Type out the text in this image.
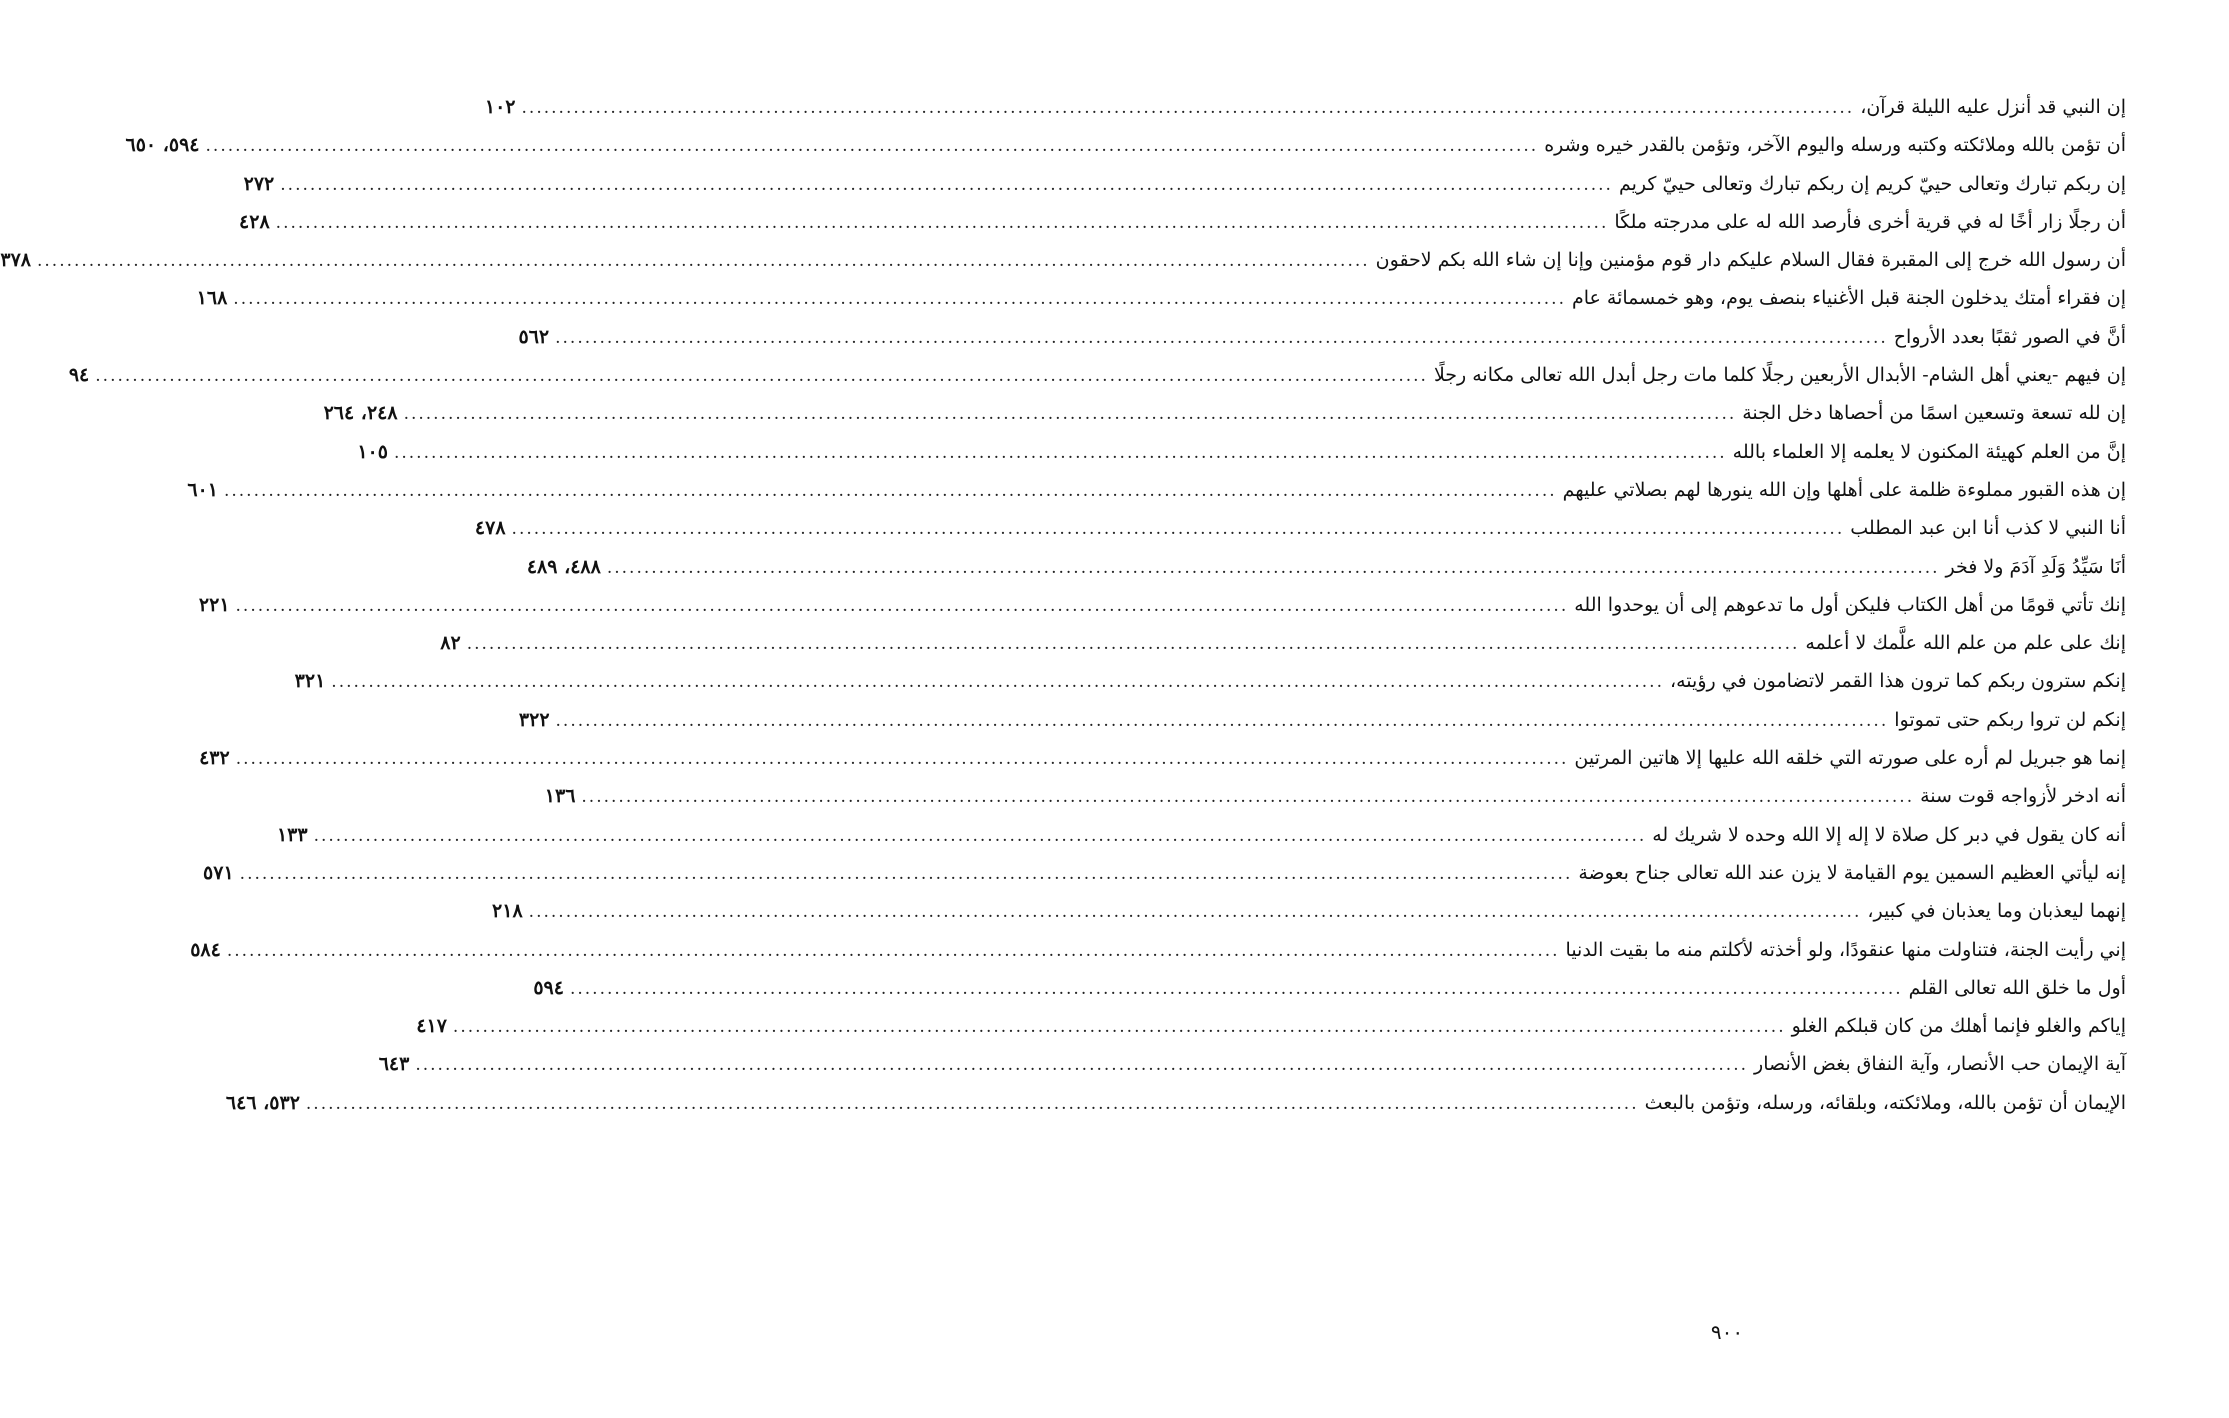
إن النبي قد أنزل عليه الليلة قرآن،
.....
١٠٢
أن تؤمن بالله وملائكته وكتبه ورسله واليوم الآخر، وتؤمن بالقدر خيره وشره
.....
٥٩٤، ٦٥٠
إن ربكم تبارك وتعالى حييّ كريم إن ربكم تبارك وتعالى حييّ كريم
.....
٢٧٢
أن رجلًا زار أخًا له في قرية أخرى فأرصد الله له على مدرجته ملكًا
.....
٤٢٨
أن رسول الله خرج إلى المقبرة فقال السلام عليكم دار قوم مؤمنين وإنا إن شاء الله بكم لاحقون
.....
٣٧٨
إن فقراء أمتك يدخلون الجنة قبل الأغنياء بنصف يوم، وهو خمسمائة عام
.....
١٦٨
أنَّ في الصور ثقبًا بعدد الأرواح
.....
٥٦٢
إن فيهم -يعني أهل الشام- الأبدال الأربعين رجلًا كلما مات رجل أبدل الله تعالى مكانه رجلًا
.....
٩٤
إن لله تسعة وتسعين اسمًا من أحصاها دخل الجنة
.....
٢٤٨، ٢٦٤
إنَّ من العلم كهيئة المكنون لا يعلمه إلا العلماء بالله
.....
١٠٥
إن هذه القبور مملوءة ظلمة على أهلها وإن الله ينورها لهم بصلاتي عليهم
.....
٦٠١
أنا النبي لا كذب أنا ابن عبد المطلب
.....
٤٧٨
أنَا سَيِّدُ وَلَدِ آدَمَ ولا فخر
.....
٤٨٨، ٤٨٩
إنك تأتي قومًا من أهل الكتاب فليكن أول ما تدعوهم إلى أن يوحدوا الله
.....
٢٢١
إنك على علم من علم الله علَّمك لا أعلمه
.....
٨٢
إنكم سترون ربكم كما ترون هذا القمر لاتضامون في رؤيته،
.....
٣٢١
إنكم لن تروا ربكم حتى تموتوا
.....
٣٢٢
إنما هو جبريل لم أره على صورته التي خلقه الله عليها إلا هاتين المرتين
.....
٤٣٢
أنه ادخر لأزواجه قوت سنة
.....
١٣٦
أنه كان يقول في دبر كل صلاة لا إله إلا الله وحده لا شريك له
.....
١٣٣
إنه ليأتي العظيم السمين يوم القيامة لا يزن عند الله تعالى جناح بعوضة
.....
٥٧١
إنهما ليعذبان وما يعذبان في كبير،
.....
٢١٨
إني رأيت الجنة، فتناولت منها عنقودًا، ولو أخذته لأكلتم منه ما بقيت الدنيا
.....
٥٨٤
أول ما خلق الله تعالى القلم
.....
٥٩٤
إياكم والغلو فإنما أهلك من كان قبلكم الغلو
.....
٤١٧
آية الإيمان حب الأنصار، وآية النفاق بغض الأنصار
.....
٦٤٣
الإيمان أن تؤمن بالله، وملائكته، وبلقائه، ورسله، وتؤمن بالبعث
.....
٥٣٢، ٦٤٦
٩٠٠
